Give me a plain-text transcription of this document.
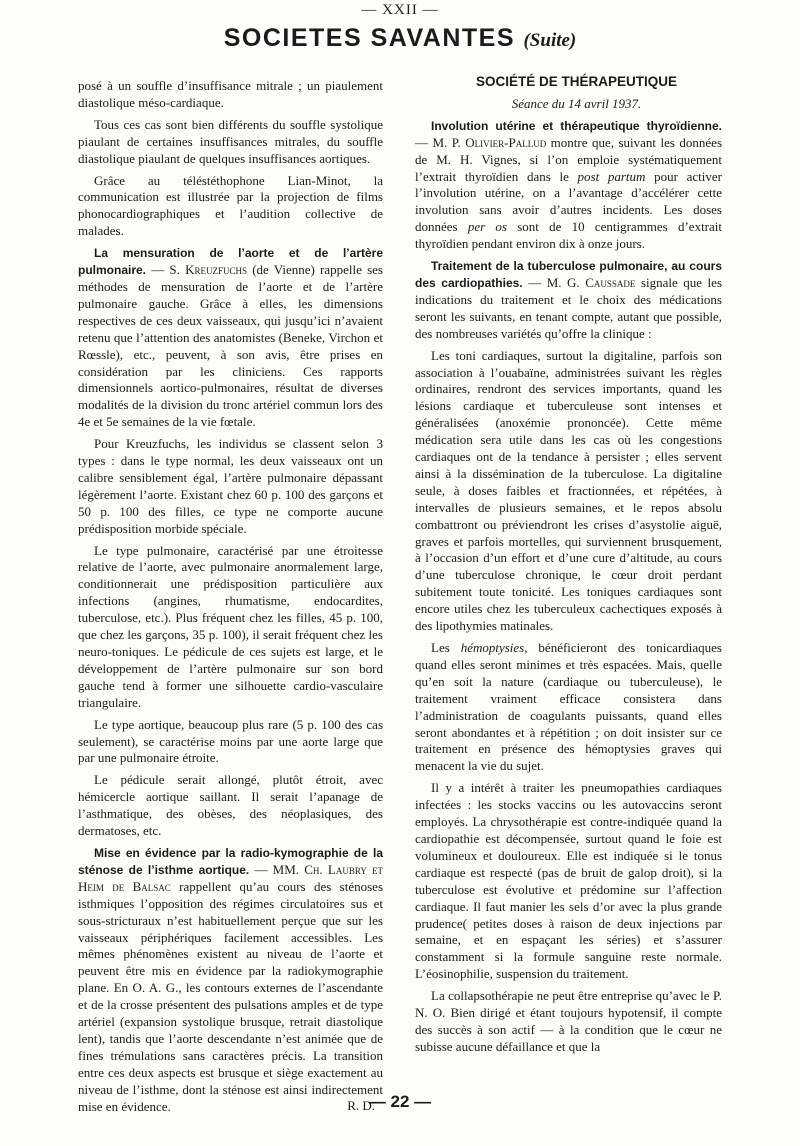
— XXII —
SOCIETES SAVANTES (Suite)

posé à un souffle d’insuffisance mitrale ; un piaulement diastolique méso-cardiaque.

Tous ces cas sont bien différents du souffle systolique piaulant de certaines insuffisances mitrales, du souffle diastolique piaulant de quelques insuffisances aortiques.

Grâce au téléstéthophone Lian-Minot, la communication est illustrée par la projection de films phonocardiographiques et l’audition collective de malades.

La mensuration de l’aorte et de l’artère pulmonaire. — S. Kreuzfuchs (de Vienne) rappelle ses méthodes de mensuration de l’aorte et de l’artère pulmonaire gauche. Grâce à elles, les dimensions respectives de ces deux vaisseaux, qui jusqu’ici n’avaient retenu que l’attention des anatomistes (Beneke, Virchon et Rœssle), etc., peuvent, à son avis, être prises en considération par les cliniciens. Ces rapports dimensionnels aortico-pulmonaires, résultat de diverses modalités de la division du tronc artériel commun lors des 4e et 5e semaines de la vie fœtale.

Pour Kreuzfuchs, les individus se classent selon 3 types : dans le type normal, les deux vaisseaux ont un calibre sensiblement égal, l’artère pulmonaire dépassant légèrement l’aorte. Existant chez 60 p. 100 des garçons et 50 p. 100 des filles, ce type ne comporte aucune prédisposition morbide spéciale.

Le type pulmonaire, caractérisé par une étroitesse relative de l’aorte, avec pulmonaire anormalement large, conditionnerait une prédisposition particulière aux infections (angines, rhumatisme, endocardites, tuberculose, etc.). Plus fréquent chez les filles, 45 p. 100, que chez les garçons, 35 p. 100), il serait fréquent chez les neuro-toniques. Le pédicule de ces sujets est large, et le développement de l’artère pulmonaire sur son bord gauche tend à former une silhouette cardio-vasculaire triangulaire.

Le type aortique, beaucoup plus rare (5 p. 100 des cas seulement), se caractérise moins par une aorte large que par une pulmonaire étroite.

Le pédicule serait allongé, plutôt étroit, avec hémicercle aortique saillant. Il serait l’apanage de l’asthmatique, des obèses, des néoplasiques, des dermatoses, etc.

Mise en évidence par la radio-kymographie de la sténose de l’isthme aortique. — MM. Ch. Laubry et Heim de Balsac rappellent qu’au cours des sténoses isthmiques l’opposition des régimes circulatoires sus et sous-stricturaux n’est habituellement perçue que sur les vaisseaux périphériques facilement accessibles. Les mêmes phénomènes existent au niveau de l’aorte et peuvent être mis en évidence par la radiokymographie plane. En O. A. G., les contours externes de l’ascendante et de la crosse présentent des pulsations amples et de type artériel (expansion systolique brusque, retrait diastolique lent), tandis que l’aorte descendante n’est animée que de fines trémulations sans caractères précis. La transition entre ces deux aspects est brusque et siège exactement au niveau de l’isthme, dont la sténose est ainsi indirectement mise en évidence.	R. D.

SOCIÉTÉ DE THÉRAPEUTIQUE

Séance du 14 avril 1937.

Involution utérine et thérapeutique thyroïdienne. — M. P. Olivier-Pallud montre que, suivant les données de M. H. Vignes, si l’on emploie systématiquement l’extrait thyroïdien dans le post partum pour activer l’involution utérine, on a l’avantage d’accélérer cette involution sans avoir d’autres incidents. Les doses données per os sont de 10 centigrammes d’extrait thyroïdien pendant environ dix à onze jours.

Traitement de la tuberculose pulmonaire, au cours des cardiopathies. — M. G. Caussade signale que les indications du traitement et le choix des médications seront les suivants, en tenant compte, autant que possible, des nombreuses variétés qu’offre la clinique :

Les toni cardiaques, surtout la digitaline, parfois son association à l’ouabaïne, administrées suivant les règles ordinaires, rendront des services importants, quand les lésions cardiaque et tuberculeuse sont intenses et généralisées (anoxémie prononcée). Cette même médication sera utile dans les cas où les congestions cardiaques ont de la tendance à persister ; elles servent ainsi à la dissémination de la tuberculose. La digitaline seule, à doses faibles et fractionnées, et répétées, à intervalles de plusieurs semaines, et le repos absolu combattront ou préviendront les crises d’asystolie aiguë, graves et parfois mortelles, qui surviennent brusquement, à l’occasion d’un effort et d’une cure d’altitude, au cours d’une tuberculose chronique, le cœur droit perdant subitement toute tonicité. Les toniques cardiaques sont encore utiles chez les tuberculeux cachectiques exposés à des lipothymies matinales.

Les hémoptysies, bénéficieront des tonicardiaques quand elles seront minimes et très espacées. Mais, quelle qu’en soit la nature (cardiaque ou tuberculeuse), le traitement vraiment efficace consistera dans l’administration de coagulants puissants, quand elles seront abondantes et à répétition ; on doit insister sur ce traitement en présence des hémoptysies graves qui menacent la vie du sujet.

Il y a intérêt à traiter les pneumopathies cardiaques infectées : les stocks vaccins ou les autovaccins seront employés. La chrysothérapie est contre-indiquée quand la cardiopathie est décompensée, surtout quand le foie est volumineux et douloureux. Elle est indiquée si le tonus cardiaque est respecté (pas de bruit de galop droit), si la tuberculose est évolutive et prédomine sur l’affection cardiaque. Il faut manier les sels d’or avec la plus grande prudence( petites doses à raison de deux injections par semaine, et en espaçant les séries) et s’assurer constamment si la formule sanguine reste normale. L’éosinophilie, suspension du traitement.

La collapsothérapie ne peut être entreprise qu’avec le P. N. O. Bien dirigé et étant toujours hypotensif, il compte des succès à son actif — à la condition que le cœur ne subisse aucune défaillance et que la

— 22 —
